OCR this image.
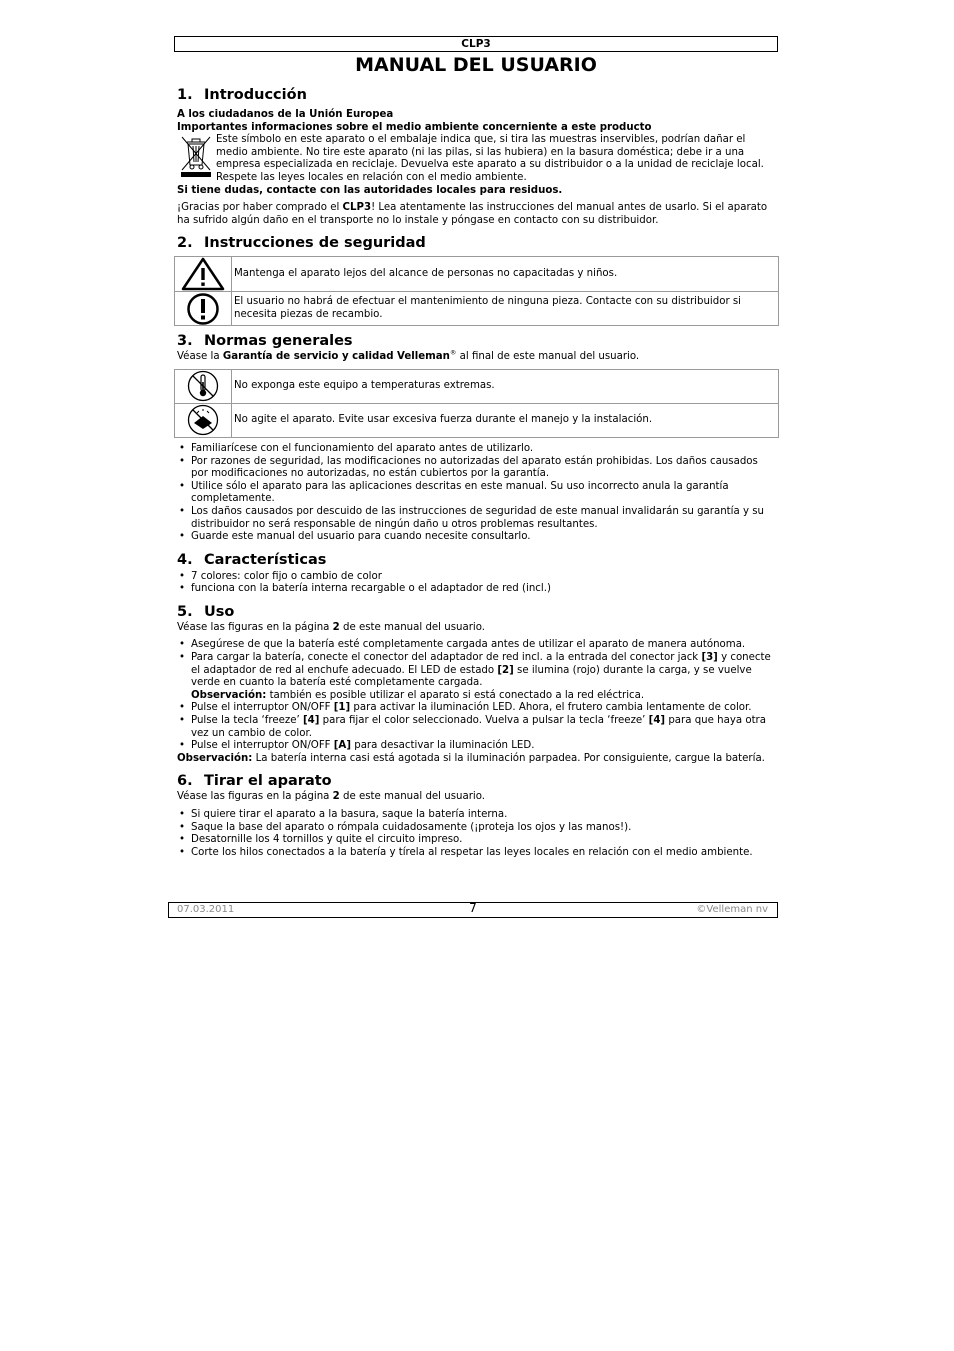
CLP3
MANUAL DEL USUARIO
1. Introducción

A los ciudadanos de la Unión Europea

Importantes informaciones sobre el medio ambiente concerniente a este producto

Este símbolo en este aparato o el embalaje indica que, si tira las muestras inservibles, podrían dañar el medio ambiente. No tire este aparato (ni las pilas, si las hubiera) en la basura doméstica; debe ir a una empresa especializada en reciclaje. Devuelva este aparato a su distribuidor o a la unidad de reciclaje local. Respete las leyes locales en relación con el medio ambiente.

Si tiene dudas, contacte con las autoridades locales para residuos.

¡Gracias por haber comprado el CLP3! Lea atentamente las instrucciones del manual antes de usarlo. Si el aparato ha sufrido algún daño en el transporte no lo instale y póngase en contacto con su distribuidor.

2. Instrucciones de seguridad
	Mantenga el aparato lejos del alcance de personas no capacitadas y niños.

	El usuario no habrá de efectuar el mantenimiento de ninguna pieza. Contacte con su distribuidor si necesita piezas de recambio.
3. Normas generales

Véase la Garantía de servicio y calidad Velleman® al final de este manual del usuario.

	No exponga este equipo a temperaturas extremas.

	No agite el aparato. Evite usar excesiva fuerza durante el manejo y la instalación.
• Familiarícese con el funcionamiento del aparato antes de utilizarlo.
• Por razones de seguridad, las modificaciones no autorizadas del aparato están prohibidas. Los daños causados por modificaciones no autorizadas, no están cubiertos por la garantía.
• Utilice sólo el aparato para las aplicaciones descritas en este manual. Su uso incorrecto anula la garantía completamente.
• Los daños causados por descuido de las instrucciones de seguridad de este manual invalidarán su garantía y su distribuidor no será responsable de ningún daño u otros problemas resultantes.
• Guarde este manual del usuario para cuando necesite consultarlo.
4. Características
• 7 colores: color fijo o cambio de color
• funciona con la batería interna recargable o el adaptador de red (incl.)
5. Uso

Véase las figuras en la página 2 de este manual del usuario.

• Asegúrese de que la batería esté completamente cargada antes de utilizar el aparato de manera autónoma.
• Para cargar la batería, conecte el conector del adaptador de red incl. a la entrada del conector jack [3] y conecte el adaptador de red al enchufe adecuado. El LED de estado [2] se ilumina (rojo) durante la carga, y se vuelve verde en cuanto la batería esté completamente cargada.
Observación: también es posible utilizar el aparato si está conectado a la red eléctrica.
• Pulse el interruptor ON/OFF [1] para activar la iluminación LED. Ahora, el frutero cambia lentamente de color.
• Pulse la tecla ‘freeze’ [4] para fijar el color seleccionado. Vuelva a pulsar la tecla ‘freeze’ [4] para que haya otra vez un cambio de color.
• Pulse el interruptor ON/OFF [A] para desactivar la iluminación LED.

Observación: La batería interna casi está agotada si la iluminación parpadea. Por consiguiente, cargue la batería.

6. Tirar el aparato

Véase las figuras en la página 2 de este manual del usuario.

• Si quiere tirar el aparato a la basura, saque la batería interna.
• Saque la base del aparato o rómpala cuidadosamente (¡proteja los ojos y las manos!).
• Desatornille los 4 tornillos y quite el circuito impreso.
• Corte los hilos conectados a la batería y tírela al respetar las leyes locales en relación con el medio ambiente.
07.03.2011	7	©Velleman nv
